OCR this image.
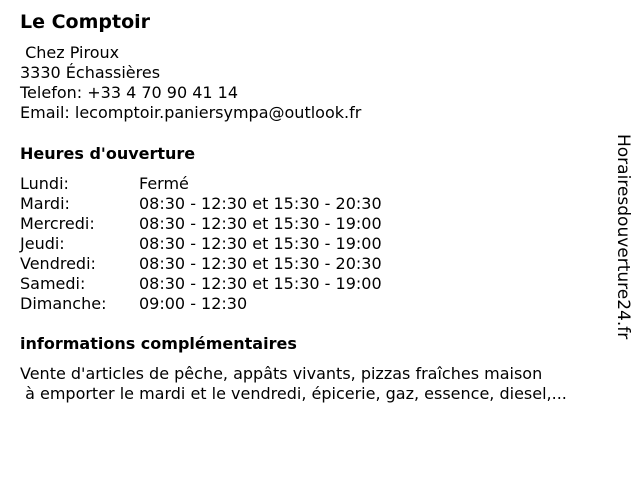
Le Comptoir
Chez Piroux
3330 Échassières
Telefon: +33 4 70 90 41 14
Email: lecomptoir.paniersympa@outlook.fr
Heures d'ouverture
Lundi:	Fermé
Mardi:	08:30 - 12:30 et 15:30 - 20:30
Mercredi:	08:30 - 12:30 et 15:30 - 19:00
Jeudi:	08:30 - 12:30 et 15:30 - 19:00
Vendredi:	08:30 - 12:30 et 15:30 - 20:30
Samedi:	08:30 - 12:30 et 15:30 - 19:00
Dimanche: 09:00 - 12:30
informations complémentaires
Vente d'articles de pêche, appâts vivants, pizzas fraîches maison
à emporter le mardi et le vendredi, épicerie, gaz, essence, diesel,...
Horairesdouverture24.fr
